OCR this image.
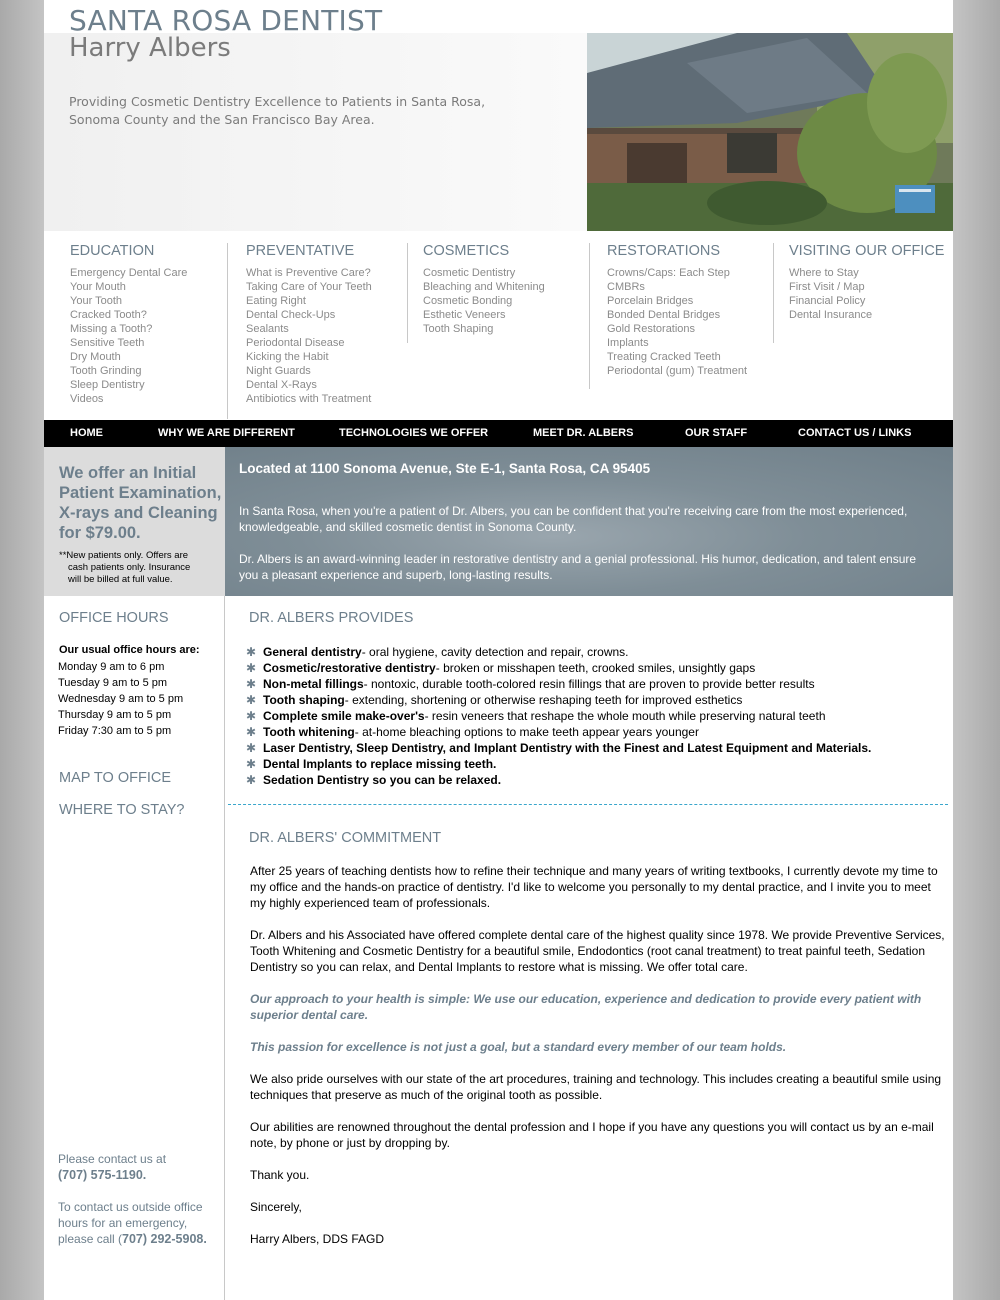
SANTA ROSA DENTIST
Harry Albers
Providing Cosmetic Dentistry Excellence to Patients in Santa Rosa, Sonoma County and the San Francisco Bay Area.
EDUCATION
Emergency Dental Care
Your Mouth
Your Tooth
Cracked Tooth?
Missing a Tooth?
Sensitive Teeth
Dry Mouth
Tooth Grinding
Sleep Dentistry
Videos
PREVENTATIVE
What is Preventive Care?
Taking Care of Your Teeth
Eating Right
Dental Check-Ups
Sealants
Periodontal Disease
Kicking the Habit
Night Guards
Dental X-Rays
Antibiotics with Treatment
COSMETICS
Cosmetic Dentistry
Bleaching and Whitening
Cosmetic Bonding
Esthetic Veneers
Tooth Shaping
RESTORATIONS
Crowns/Caps: Each Step
CMBRs
Porcelain Bridges
Bonded Dental Bridges
Gold Restorations
Implants
Treating Cracked Teeth
Periodontal (gum) Treatment
VISITING OUR OFFICE
Where to Stay
First Visit / Map
Financial Policy
Dental Insurance
HOME	WHY WE ARE DIFFERENT	TECHNOLOGIES WE OFFER	MEET DR. ALBERS	OUR STAFF	CONTACT US / LINKS
We offer an Initial Patient Examination, X-rays and Cleaning for $79.00.
**New patients only. Offers are
cash patients only. Insurance
will be billed at full value.
Located at 1100 Sonoma Avenue, Ste E-1, Santa Rosa, CA 95405
In Santa Rosa, when you're a patient of Dr. Albers, you can be confident that you're receiving care from the most experienced, knowledgeable, and skilled cosmetic dentist in Sonoma County.
Dr. Albers is an award-winning leader in restorative dentistry and a genial professional. His humor, dedication, and talent ensure you a pleasant experience and superb, long-lasting results.
OFFICE HOURS
Our usual office hours are:
Monday 9 am to 6 pm
Tuesday 9 am to 5 pm
Wednesday 9 am to 5 pm
Thursday 9 am to 5 pm
Friday 7:30 am to 5 pm
MAP TO OFFICE
WHERE TO STAY?
Please contact us at
(707) 575-1190.
To contact us outside office
hours for an emergency,
please call (707) 292-5908.
DR. ALBERS PROVIDES
✱ General dentistry - oral hygiene, cavity detection and repair, crowns.
✱ Cosmetic/restorative dentistry - broken or misshapen teeth, crooked smiles, unsightly gaps
✱ Non-metal fillings - nontoxic, durable tooth-colored resin fillings that are proven to provide better results
✱ Tooth shaping - extending, shortening or otherwise reshaping teeth for improved esthetics
✱ Complete smile make-over's - resin veneers that reshape the whole mouth while preserving natural teeth
✱ Tooth whitening - at-home bleaching options to make teeth appear years younger
✱ Laser Dentistry, Sleep Dentistry, and Implant Dentistry with the Finest and Latest Equipment and Materials.
✱ Dental Implants to replace missing teeth.
✱ Sedation Dentistry so you can be relaxed.
DR. ALBERS' COMMITMENT
After 25 years of teaching dentists how to refine their technique and many years of writing textbooks, I currently devote my time to my office and the hands-on practice of dentistry. I'd like to welcome you personally to my dental practice, and I invite you to meet my highly experienced team of professionals.
Dr. Albers and his Associated have offered complete dental care of the highest quality since 1978. We provide Preventive Services, Tooth Whitening and Cosmetic Dentistry for a beautiful smile, Endodontics (root canal treatment) to treat painful teeth, Sedation Dentistry so you can relax, and Dental Implants to restore what is missing. We offer total care.
Our approach to your health is simple: We use our education, experience and dedication to provide every patient with superior dental care.
This passion for excellence is not just a goal, but a standard every member of our team holds.
We also pride ourselves with our state of the art procedures, training and technology. This includes creating a beautiful smile using techniques that preserve as much of the original tooth as possible.
Our abilities are renowned throughout the dental profession and I hope if you have any questions you will contact us by an e-mail note, by phone or just by dropping by.
Thank you.
Sincerely,
Harry Albers, DDS FAGD
